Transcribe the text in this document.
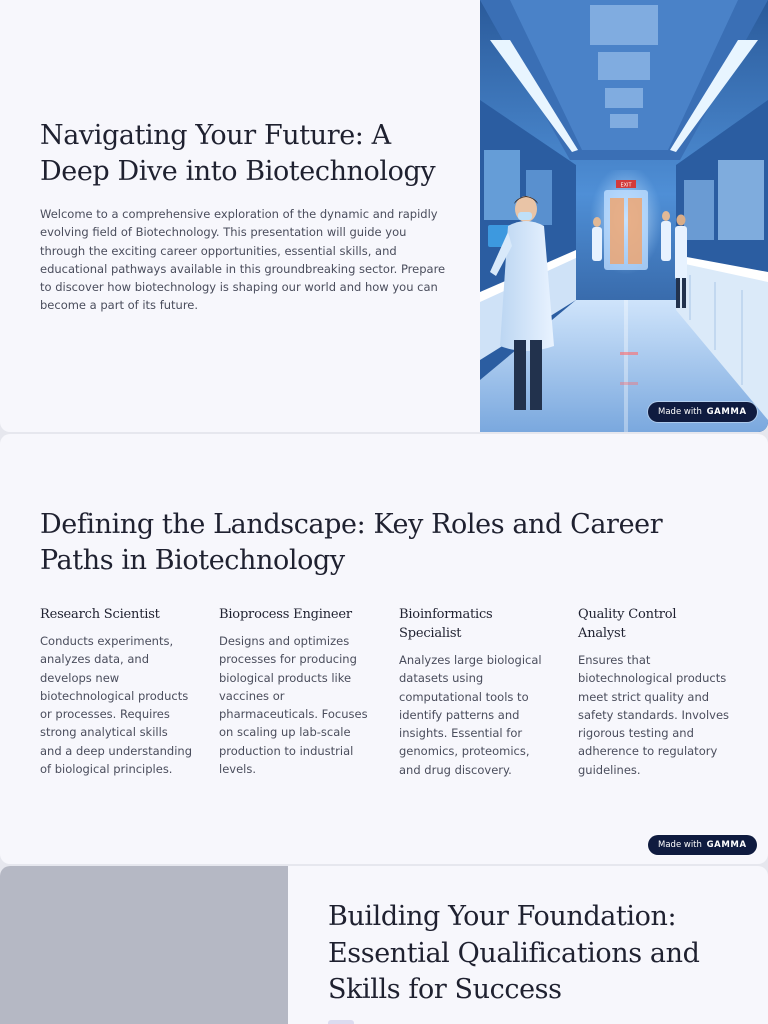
Navigating Your Future: A Deep Dive into Biotechnology

Welcome to a comprehensive exploration of the dynamic and rapidly evolving field of Biotechnology. This presentation will guide you through the exciting career opportunities, essential skills, and educational pathways available in this groundbreaking sector. Prepare to discover how biotechnology is shaping our world and how you can become a part of its future.

EXIT
Made with GAMMA
Defining the Landscape: Key Roles and Career Paths in Biotechnology
Research Scientist

Conducts experiments, analyzes data, and develops new biotechnological products or processes. Requires strong analytical skills and a deep understanding of biological principles.

Bioprocess Engineer

Designs and optimizes processes for producing biological products like vaccines or pharmaceuticals. Focuses on scaling up lab-scale production to industrial levels.

Bioinformatics Specialist

Analyzes large biological datasets using computational tools to identify patterns and insights. Essential for genomics, proteomics, and drug discovery.

Quality Control Analyst

Ensures that biotechnological products meet strict quality and safety standards. Involves rigorous testing and adherence to regulatory guidelines.

Made with GAMMA
Building Your Foundation: Essential Qualifications and Skills for Success
